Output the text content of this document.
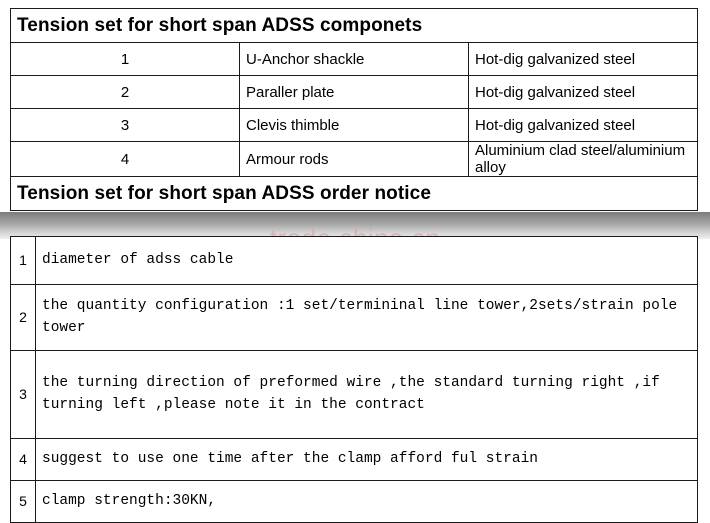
Tension set for short span ADSS componets		
1	U-Anchor shackle	Hot-dig galvanized steel
2	Paraller plate	Hot-dig galvanized steel
3	Clevis thimble	Hot-dig galvanized steel
4	Armour rods	Aluminium clad steel/aluminium alloy
Tension set for short span ADSS order notice		

1	diameter of adss cable
2	the quantity configuration :1 set/termininal line tower,2sets/strain pole tower
3	the turning direction of preformed wire ,the standard turning right ,if turning left ,please note it in the contract
4	suggest to use one time after the clamp afford ful strain
5	clamp strength:30KN,
